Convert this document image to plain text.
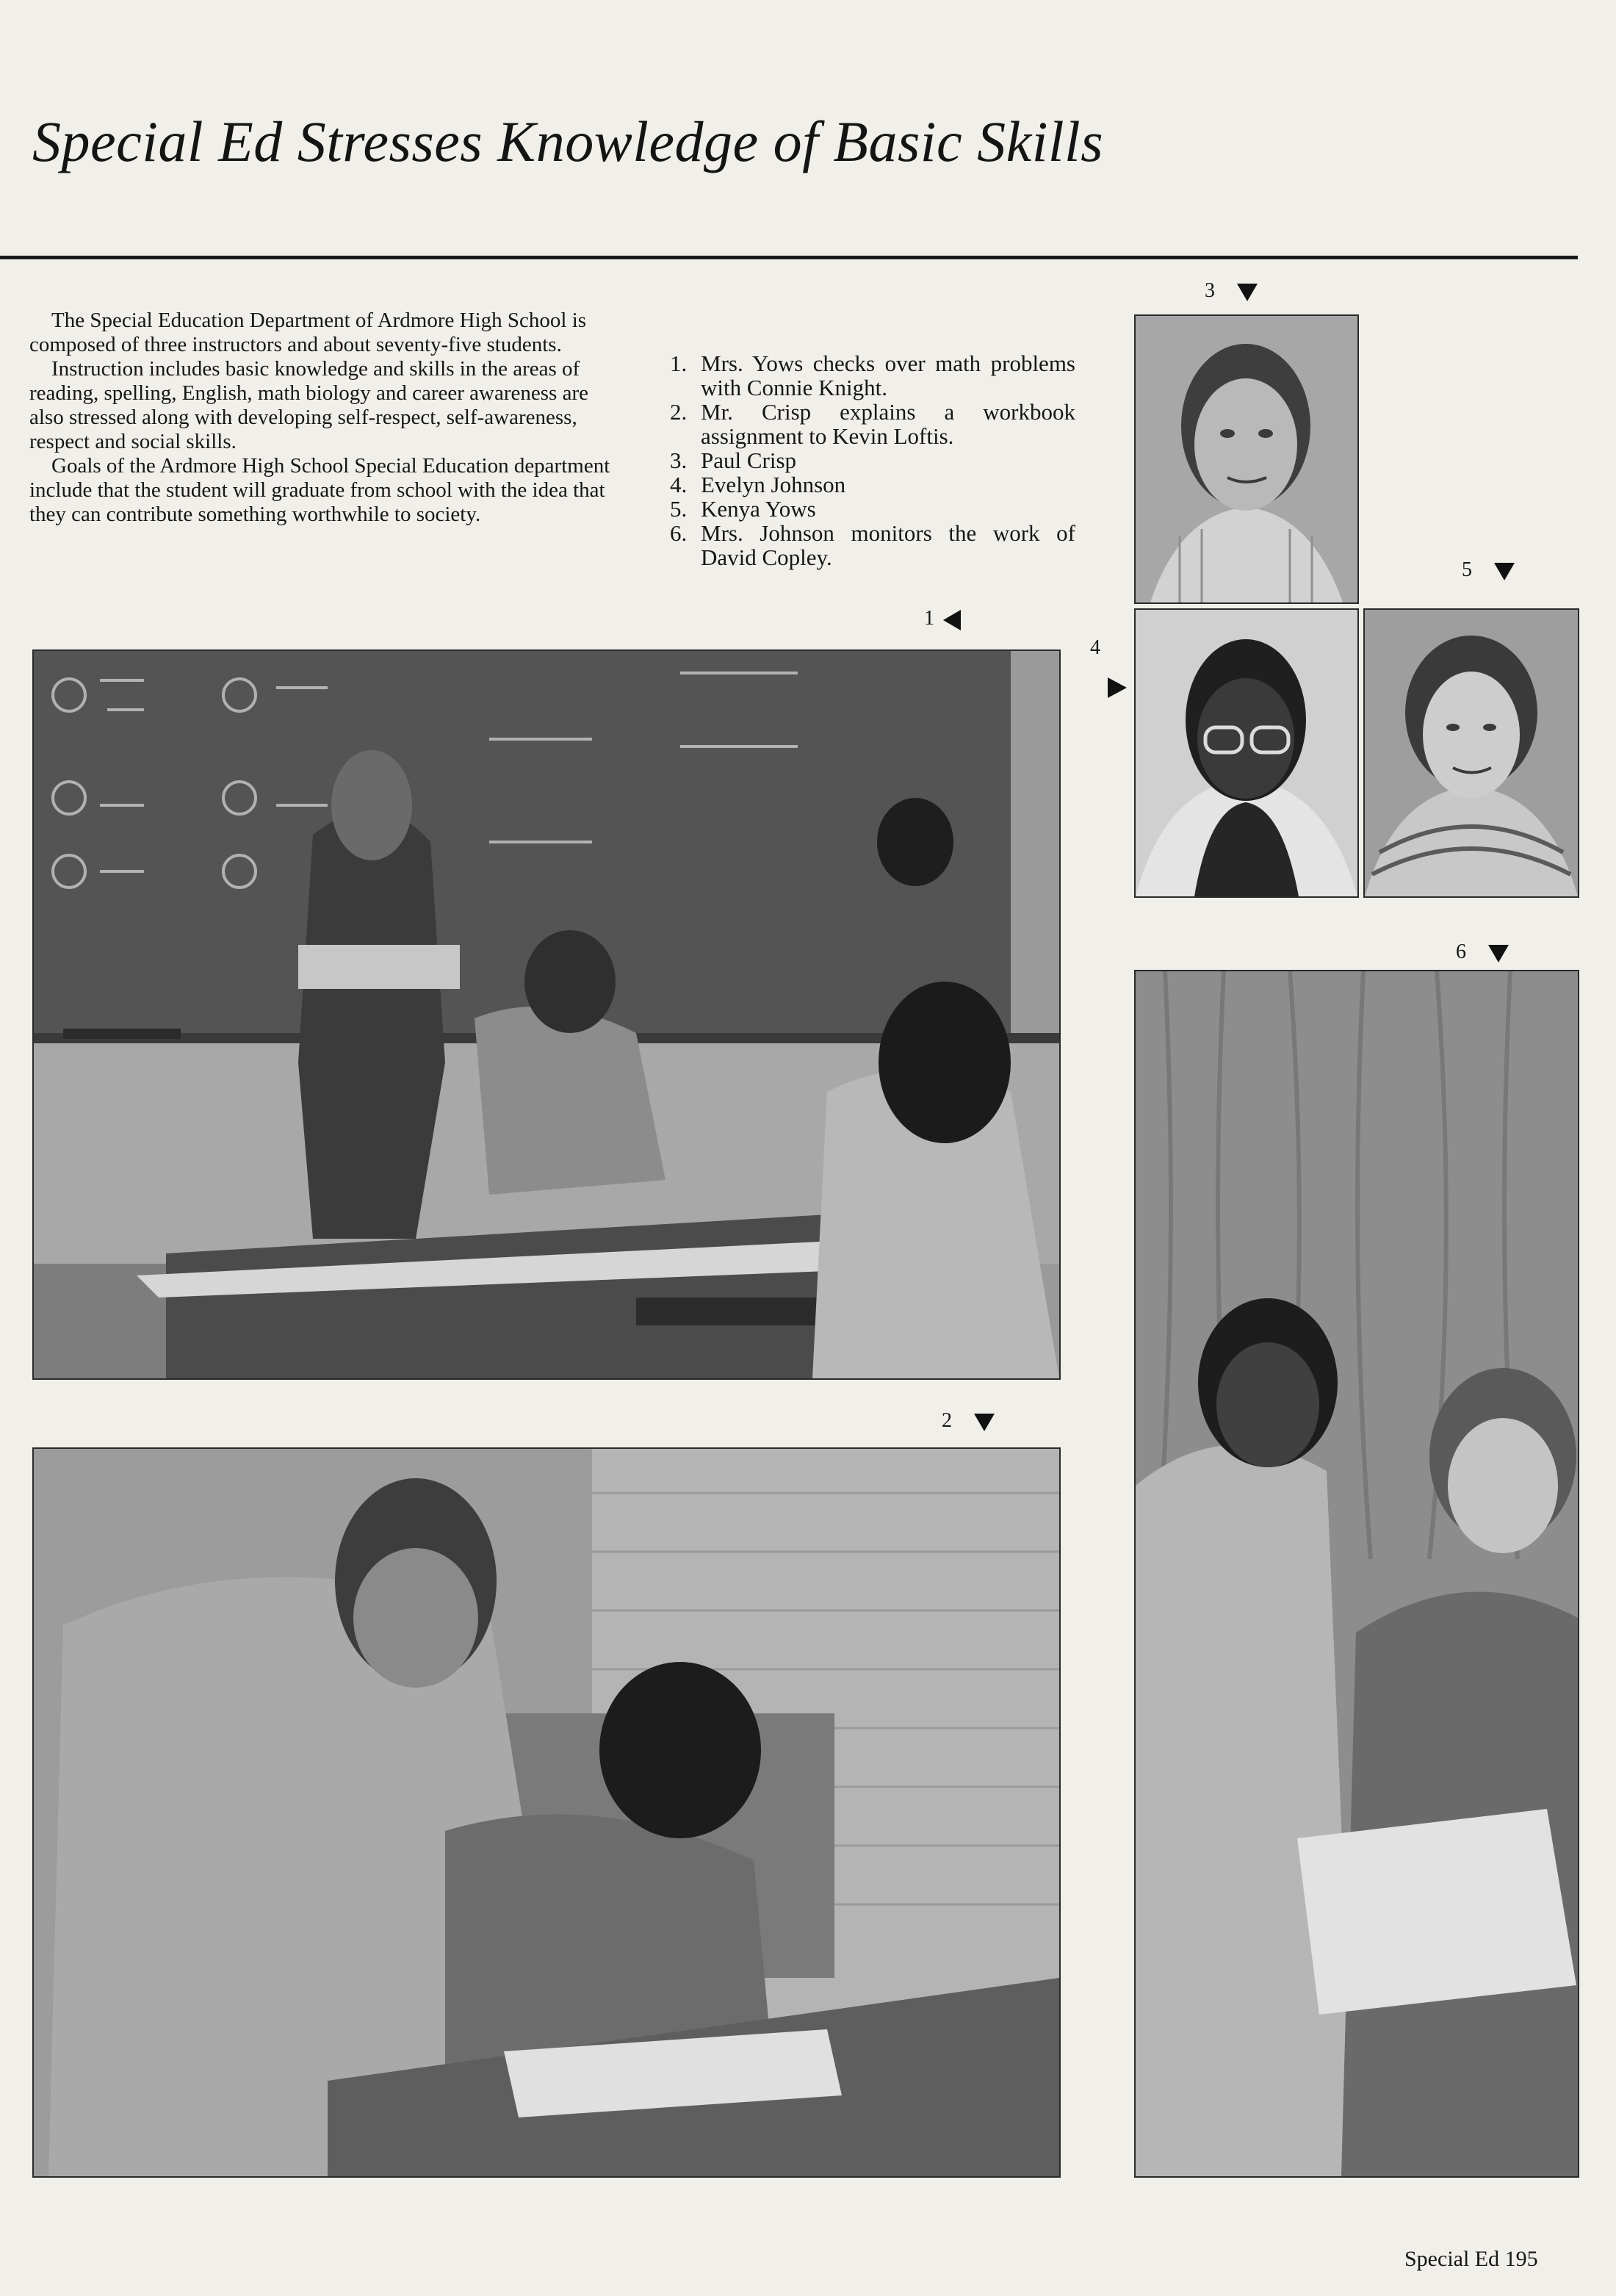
Special Ed Stresses Knowledge of Basic Skills

The Special Education Department of Ardmore High School is composed of three instructors and about seventy-five students.

Instruction includes basic knowledge and skills in the areas of reading, spelling, English, math biology and career awareness are also stressed along with developing self-respect, self-awareness, respect and social skills.

Goals of the Ardmore High School Special Education department include that the student will graduate from school with the idea that they can contribute something worthwhile to society.

1. Mrs. Yows checks over math problems with Connie Knight.
2. Mr. Crisp explains a workbook assignment to Kevin Loftis.
3. Paul Crisp
4. Evelyn Johnson
5. Kenya Yows
6. Mrs. Johnson monitors the work of David Copley.
3
1
5
4
6
2
Special Ed 195
